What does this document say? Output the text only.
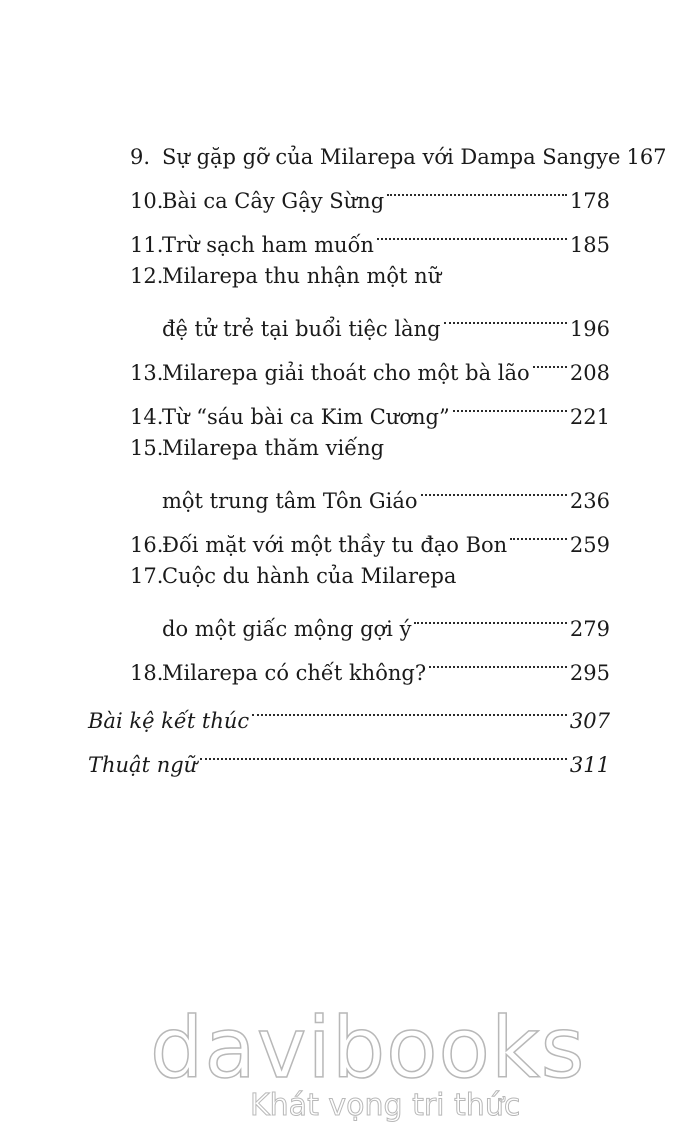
9. Sự gặp gỡ của Milarepa với Dampa Sangye 167
10.
Bài ca Cây Gậy Sừng	178
11.
Trừ sạch ham muốn	185
12.
Milarepa thu nhận một nữ
đệ tử trẻ tại buổi tiệc làng	196
13.
Milarepa giải thoát cho một bà lão 208
14.
Từ “sáu bài ca Kim Cương”	221
15.
Milarepa thăm viếng
một trung tâm Tôn Giáo	236
16.
Đối mặt với một thầy tu đạo Bon	259
17.
Cuộc du hành của Milarepa
do một giấc mộng gợi ý	279
18.
Milarepa có chết không?	295
Bài kệ kết thúc	307
Thuật ngữ	311
davibooks
Khát vọng tri thức
